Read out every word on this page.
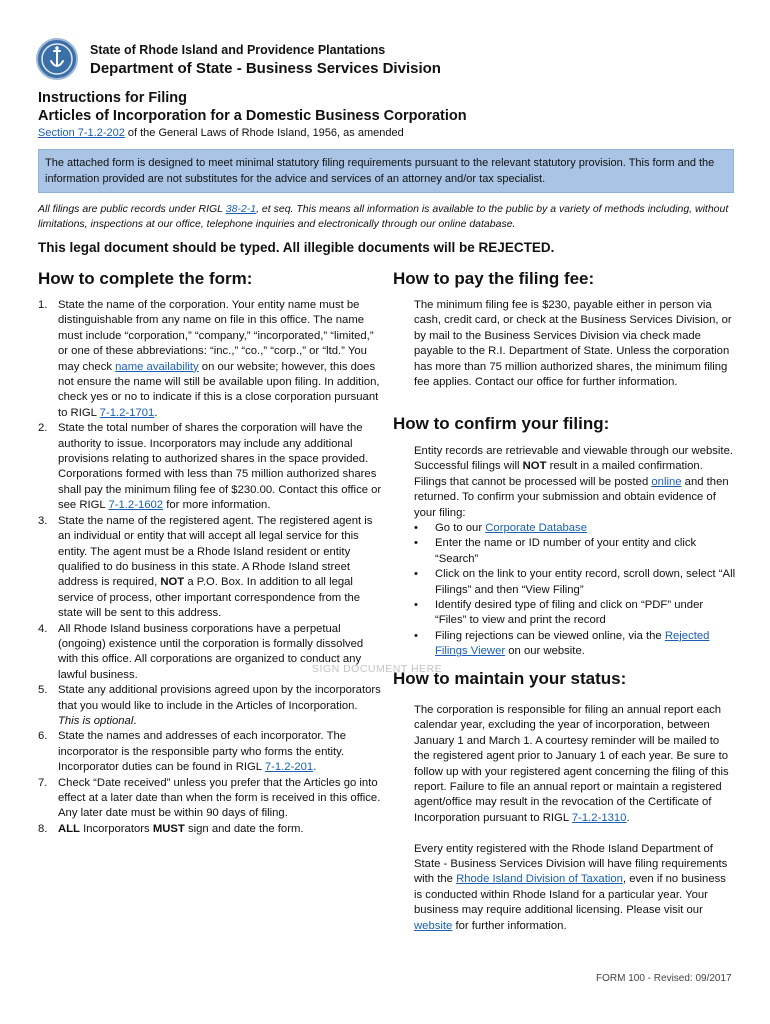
State of Rhode Island and Providence Plantations
Department of State - Business Services Division
Instructions for Filing
Articles of Incorporation for a Domestic Business Corporation
Section 7-1.2-202 of the General Laws of Rhode Island, 1956, as amended
The attached form is designed to meet minimal statutory filing requirements pursuant to the relevant statutory provision. This form and the information provided are not substitutes for the advice and services of an attorney and/or tax specialist.
All filings are public records under RIGL 38-2-1, et seq. This means all information is available to the public by a variety of methods including, without limitations, inspections at our office, telephone inquiries and electronically through our online database.
This legal document should be typed. All illegible documents will be REJECTED.
How to complete the form:
1. State the name of the corporation. Your entity name must be distinguishable from any name on file in this office. The name must include “corporation,” “company,” “incorporated,” “limited,” or one of these abbreviations: “inc.,” “co.,” “corp.,” or “ltd.” You may check name availability on our website; however, this does not ensure the name will still be available upon filing. In addition, check yes or no to indicate if this is a close corporation pursuant to RIGL 7-1.2-1701.
2. State the total number of shares the corporation will have the authority to issue. Incorporators may include any additional provisions relating to authorized shares in the space provided. Corporations formed with less than 75 million authorized shares shall pay the minimum filing fee of $230.00. Contact this office or see RIGL 7-1.2-1602 for more information.
3. State the name of the registered agent. The registered agent is an individual or entity that will accept all legal service for this entity. The agent must be a Rhode Island resident or entity qualified to do business in this state. A Rhode Island street address is required, NOT a P.O. Box. In addition to all legal service of process, other important correspondence from the state will be sent to this address.
4. All Rhode Island business corporations have a perpetual (ongoing) existence until the corporation is formally dissolved with this office. All corporations are organized to conduct any lawful business.
5. State any additional provisions agreed upon by the incorporators that you would like to include in the Articles of Incorporation. This is optional.
6. State the names and addresses of each incorporator. The incorporator is the responsible party who forms the entity. Incorporator duties can be found in RIGL 7-1.2-201.
7. Check “Date received” unless you prefer that the Articles go into effect at a later date than when the form is received in this office. Any later date must be within 90 days of filing.
8. ALL Incorporators MUST sign and date the form.
How to pay the filing fee:

The minimum filing fee is $230, payable either in person via cash, credit card, or check at the Business Services Division, or by mail to the Business Services Division via check made payable to the R.I. Department of State. Unless the corporation has more than 75 million authorized shares, the minimum filing fee applies. Contact our office for further information.

How to confirm your filing:

Entity records are retrievable and viewable through our website. Successful filings will NOT result in a mailed confirmation. Filings that cannot be processed will be posted online and then returned. To confirm your submission and obtain evidence of your filing:

• Go to our Corporate Database
• Enter the name or ID number of your entity and click “Search”
• Click on the link to your entity record, scroll down, select “All Filings” and then “View Filing”
• Identify desired type of filing and click on “PDF” under “Files” to view and print the record
• Filing rejections can be viewed online, via the Rejected Filings Viewer on our website.
How to maintain your status:

The corporation is responsible for filing an annual report each calendar year, excluding the year of incorporation, between January 1 and March 1. A courtesy reminder will be mailed to the registered agent prior to January 1 of each year. Be sure to follow up with your registered agent concerning the filing of this report. Failure to file an annual report or maintain a registered agent/office may result in the revocation of the Certificate of Incorporation pursuant to RIGL 7-1.2-1310.

Every entity registered with the Rhode Island Department of State - Business Services Division will have filing requirements with the Rhode Island Division of Taxation, even if no business is conducted within Rhode Island for a particular year. Your business may require additional licensing. Please visit our website for further information.

SIGN DOCUMENT HERE
FORM 100 - Revised: 09/2017
